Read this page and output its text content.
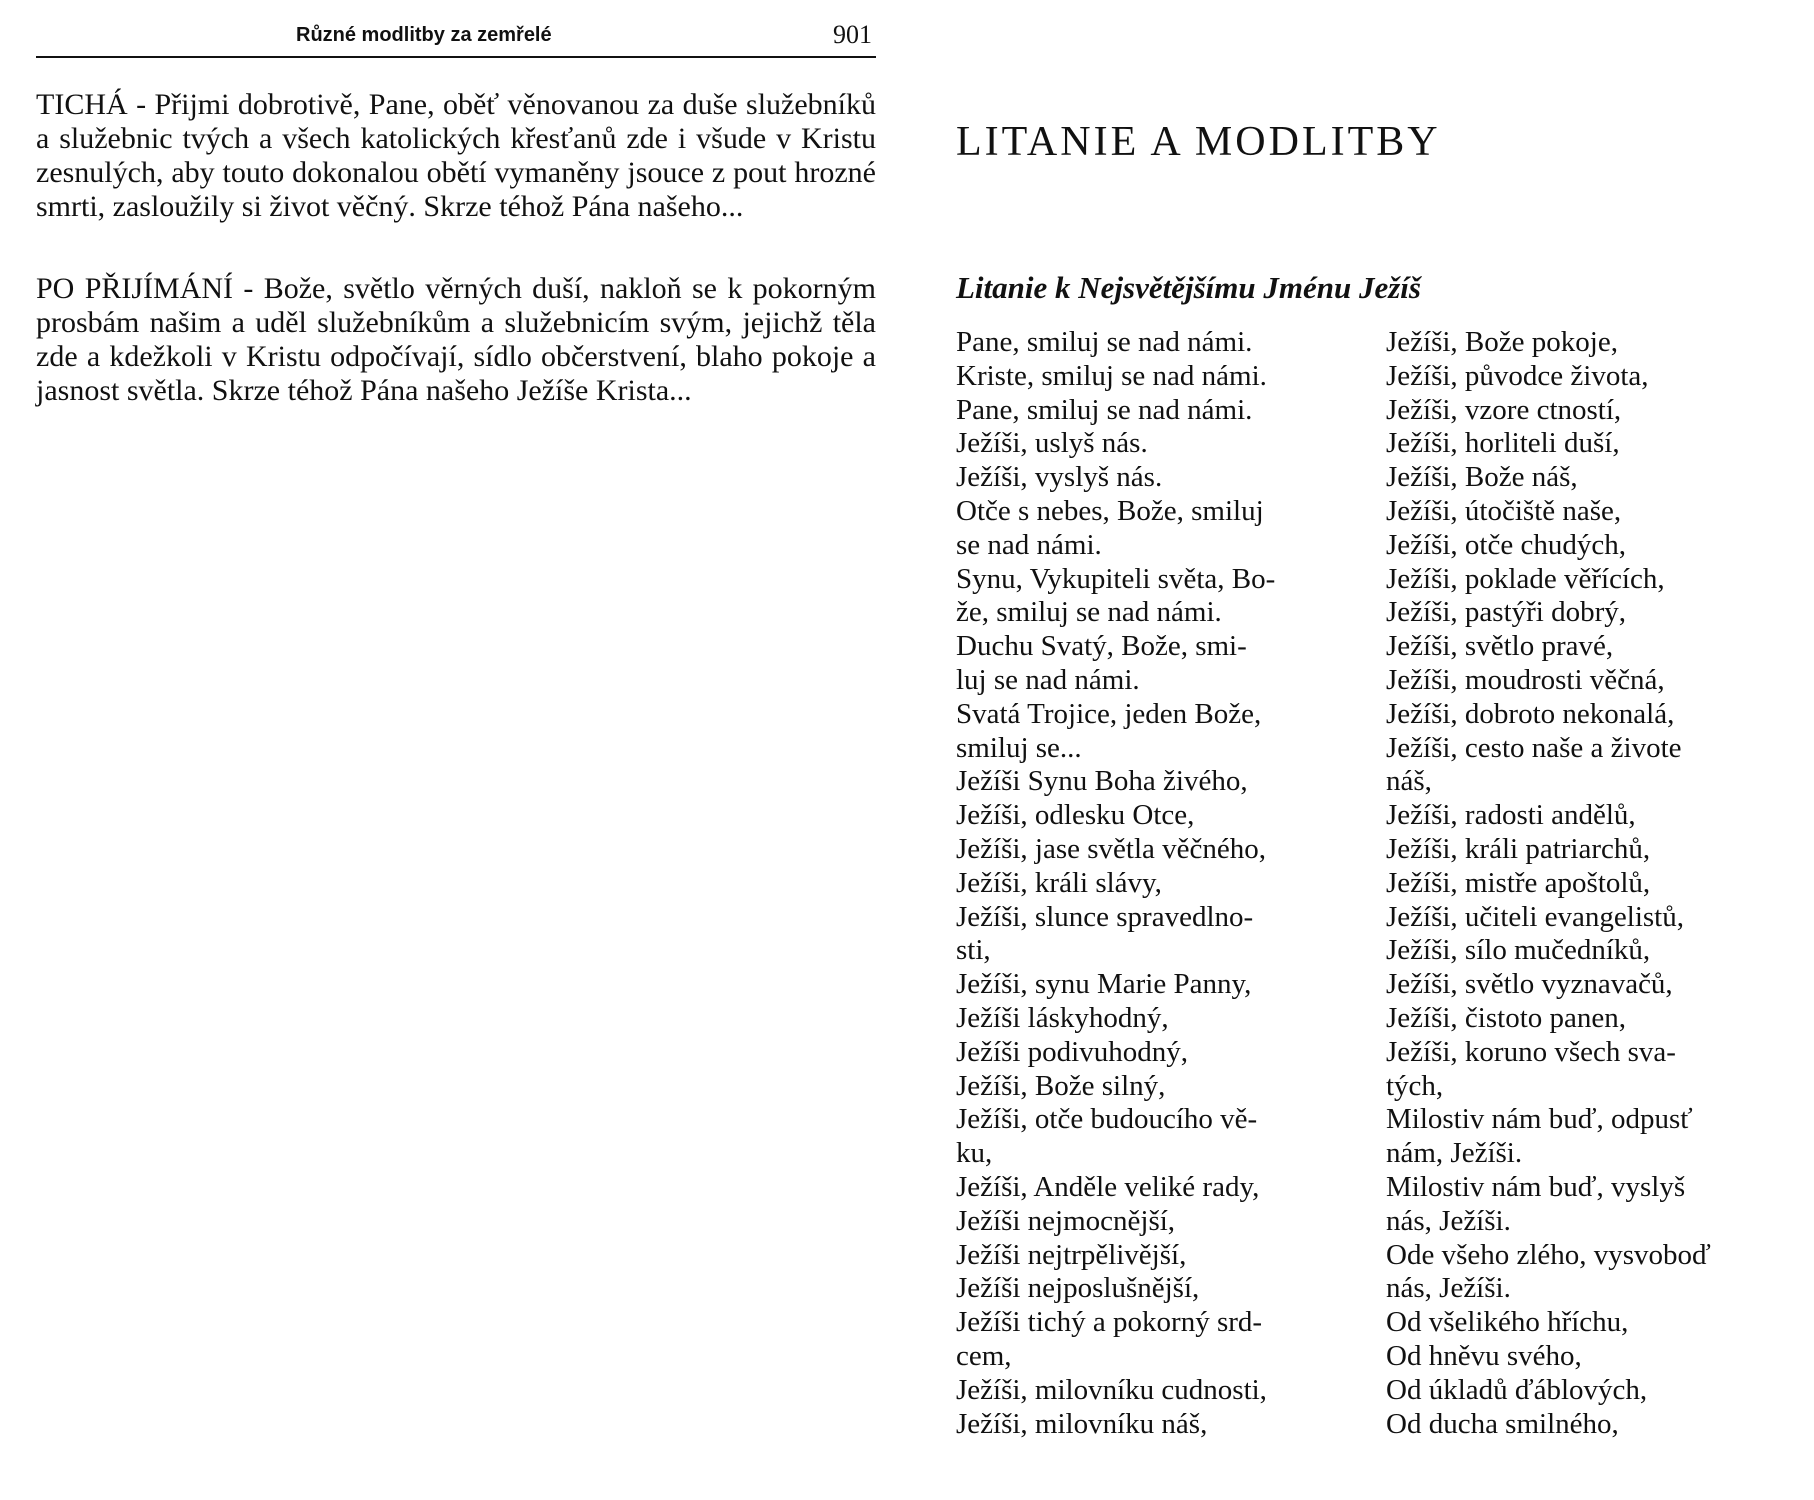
Různé modlitby za zemřelé	901

TICHÁ - Přijmi dobrotivě, Pane, oběť věnovanou za duše služebníků a služebnic tvých a všech katolických křesťanů zde i všude v Kristu zesnulých, aby touto dokonalou obětí vymaněny jsouce z pout hrozné smrti, zasloužily si život věčný. Skrze téhož Pána našeho...

PO PŘIJÍMÁNÍ - Bože, světlo věrných duší, nakloň se k pokorným prosbám našim a uděl služebníkům a služebnicím svým, jejichž těla zde a kdežkoli v Kristu odpočívají, sídlo občerstvení, blaho pokoje a jasnost světla. Skrze téhož Pána našeho Ježíše Krista...

LITANIE A MODLITBY
Litanie k Nejsvětějšímu Jménu Ježíš
Pane, smiluj se nad námi.
Kriste, smiluj se nad námi.
Pane, smiluj se nad námi.
Ježíši, uslyš nás.
Ježíši, vyslyš nás.
Otče s nebes, Bože, smiluj
se nad námi.
Synu, Vykupiteli světa, Bo-
že, smiluj se nad námi.
Duchu Svatý, Bože, smi-
luj se nad námi.
Svatá Trojice, jeden Bože,
smiluj se...
Ježíši Synu Boha živého,
Ježíši, odlesku Otce,
Ježíši, jase světla věčného,
Ježíši, králi slávy,
Ježíši, slunce spravedlno-
sti,
Ježíši, synu Marie Panny,
Ježíši láskyhodný,
Ježíši podivuhodný,
Ježíši, Bože silný,
Ježíši, otče budoucího vě-
ku,
Ježíši, Anděle veliké rady,
Ježíši nejmocnější,
Ježíši nejtrpělivější,
Ježíši nejposlušnější,
Ježíši tichý a pokorný srd-
cem,
Ježíši, milovníku cudnosti,
Ježíši, milovníku náš,
Ježíši, Bože pokoje,
Ježíši, původce života,
Ježíši, vzore ctností,
Ježíši, horliteli duší,
Ježíši, Bože náš,
Ježíši, útočiště naše,
Ježíši, otče chudých,
Ježíši, poklade věřících,
Ježíši, pastýři dobrý,
Ježíši, světlo pravé,
Ježíši, moudrosti věčná,
Ježíši, dobroto nekonalá,
Ježíši, cesto naše a živote
náš,
Ježíši, radosti andělů,
Ježíši, králi patriarchů,
Ježíši, mistře apoštolů,
Ježíši, učiteli evangelistů,
Ježíši, sílo mučedníků,
Ježíši, světlo vyznavačů,
Ježíši, čistoto panen,
Ježíši, koruno všech sva-
tých,
Milostiv nám buď, odpusť
nám, Ježíši.
Milostiv nám buď, vyslyš
nás, Ježíši.
Ode všeho zlého, vysvoboď
nás, Ježíši.
Od všelikého hříchu,
Od hněvu svého,
Od úkladů ďáblových,
Od ducha smilného,
